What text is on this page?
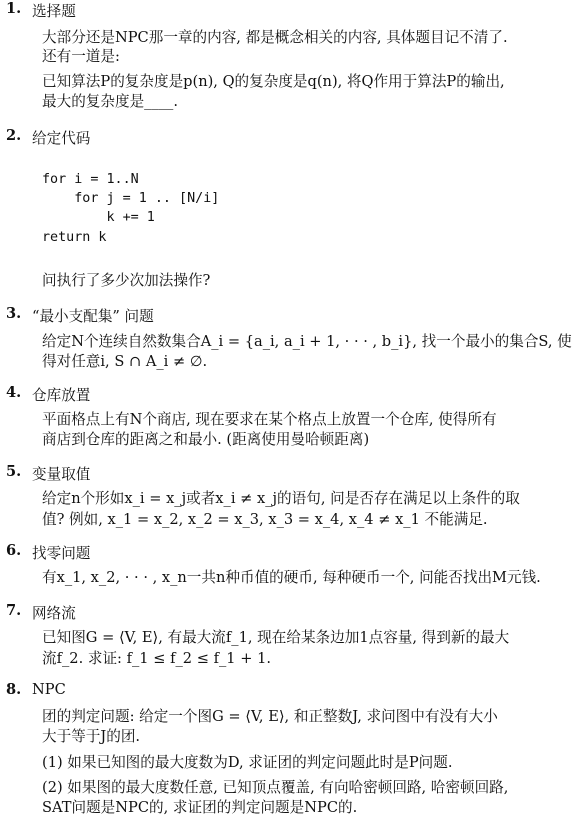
1. 选择题
大部分还是NPC那一章的内容, 都是概念相关的内容, 具体题目记不清了.
还有一道是:
已知算法P的复杂度是p(n), Q的复杂度是q(n), 将Q作用于算法P的输出,
最大的复杂度是____.
2. 给定代码
for i = 1..N
for j = 1 .. [N/i]
k += 1
return k
问执行了多少次加法操作?
3. “最小支配集” 问题
给定N个连续自然数集合A_i = {a_i, a_i + 1, · · · , b_i}, 找一个最小的集合S, 使
得对任意i, S ∩ A_i ≠ ∅.
4. 仓库放置
平面格点上有N个商店, 现在要求在某个格点上放置一个仓库, 使得所有
商店到仓库的距离之和最小. (距离使用曼哈顿距离)
5. 变量取值
给定n个形如x_i = x_j或者x_i ≠ x_j的语句, 问是否存在满足以上条件的取
值? 例如, x_1 = x_2, x_2 = x_3, x_3 = x_4, x_4 ≠ x_1 不能满足.
6. 找零问题
有x_1, x_2, · · · , x_n一共n种币值的硬币, 每种硬币一个, 问能否找出M元钱.
7. 网络流
已知图G = ⟨V, E⟩, 有最大流f_1, 现在给某条边加1点容量, 得到新的最大
流f_2. 求证: f_1 ≤ f_2 ≤ f_1 + 1.
8. NPC
团的判定问题: 给定一个图G = ⟨V, E⟩, 和正整数J, 求问图中有没有大小
大于等于J的团.
(1) 如果已知图的最大度数为D, 求证团的判定问题此时是P问题.
(2) 如果图的最大度数任意, 已知顶点覆盖, 有向哈密顿回路, 哈密顿回路,
SAT问题是NPC的, 求证团的判定问题是NPC的.
